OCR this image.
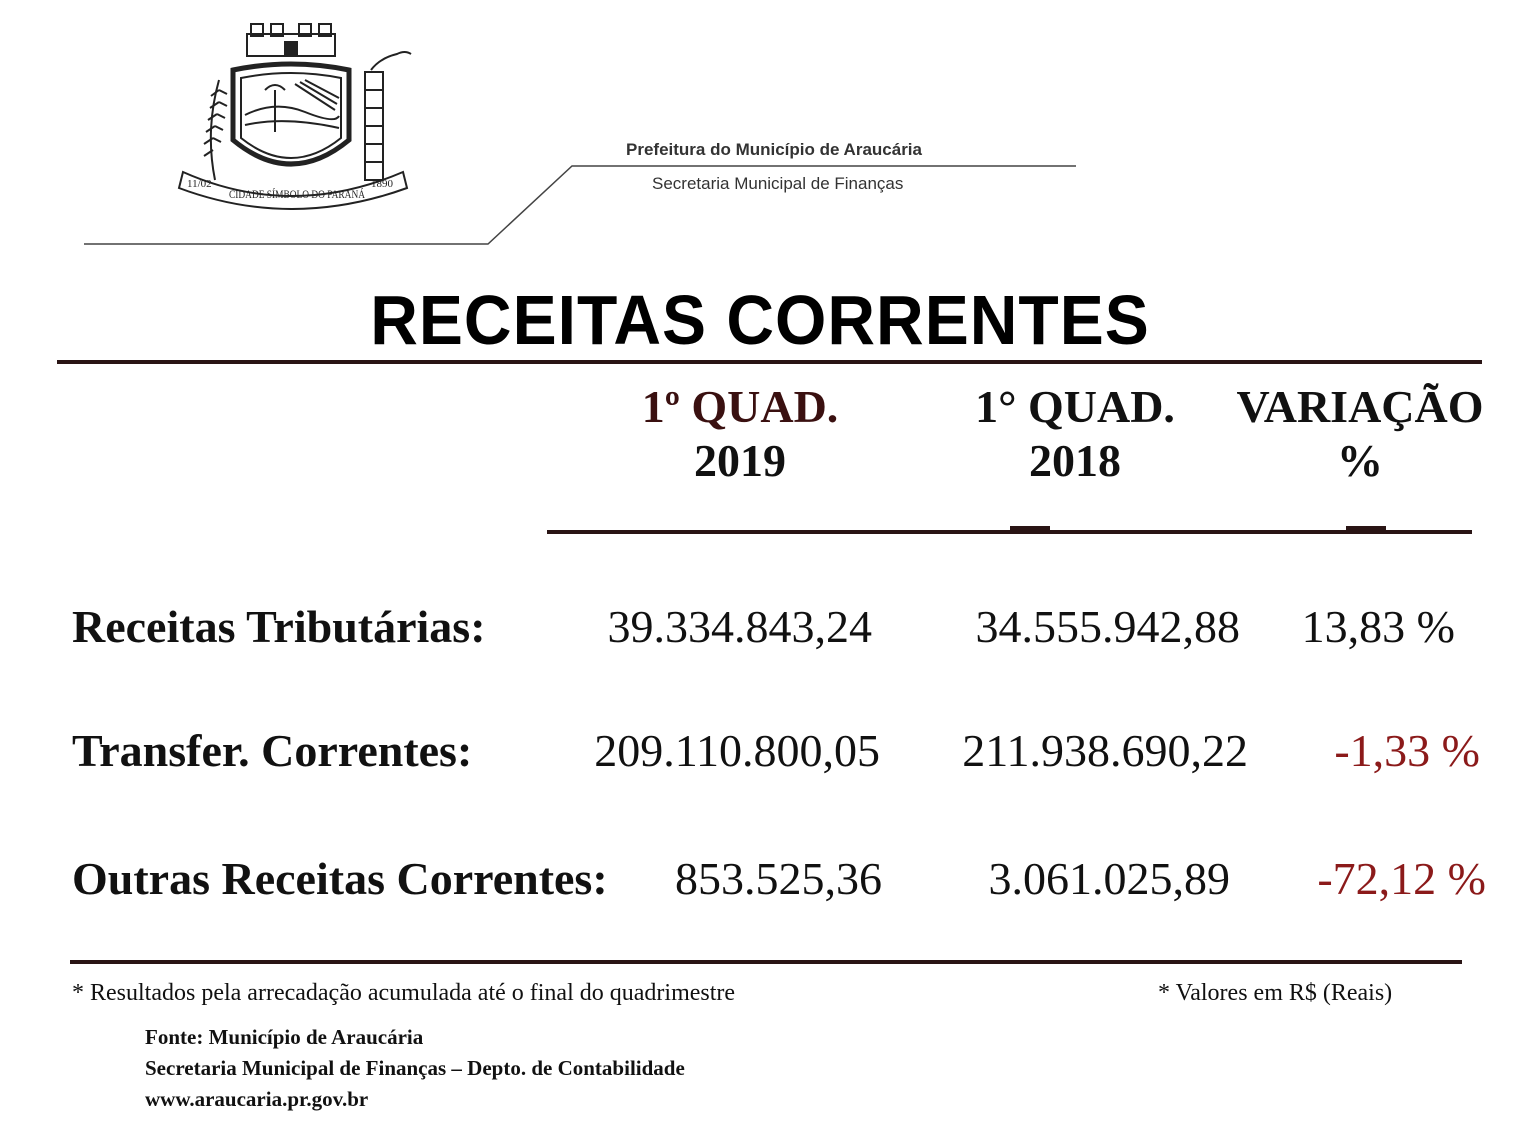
11/02
CIDADE SÍMBOLO DO PARANÁ
1890
Prefeitura do Município de Araucária
Secretaria Municipal de Finanças
RECEITAS CORRENTES
1º QUAD.
2019
1° QUAD.
2018
VARIAÇÃO
%
Receitas Tributárias:	39.334.843,24	34.555.942,88	13,83 %
Transfer. Correntes:	209.110.800,05	211.938.690,22	-1,33 %
Outras Receitas Correntes:	853.525,36	3.061.025,89	-72,12 %
* Resultados pela arrecadação acumulada até o final do quadrimestre	* Valores em R$ (Reais)
Fonte: Município de Araucária
Secretaria Municipal de Finanças – Depto. de Contabilidade
www.araucaria.pr.gov.br
